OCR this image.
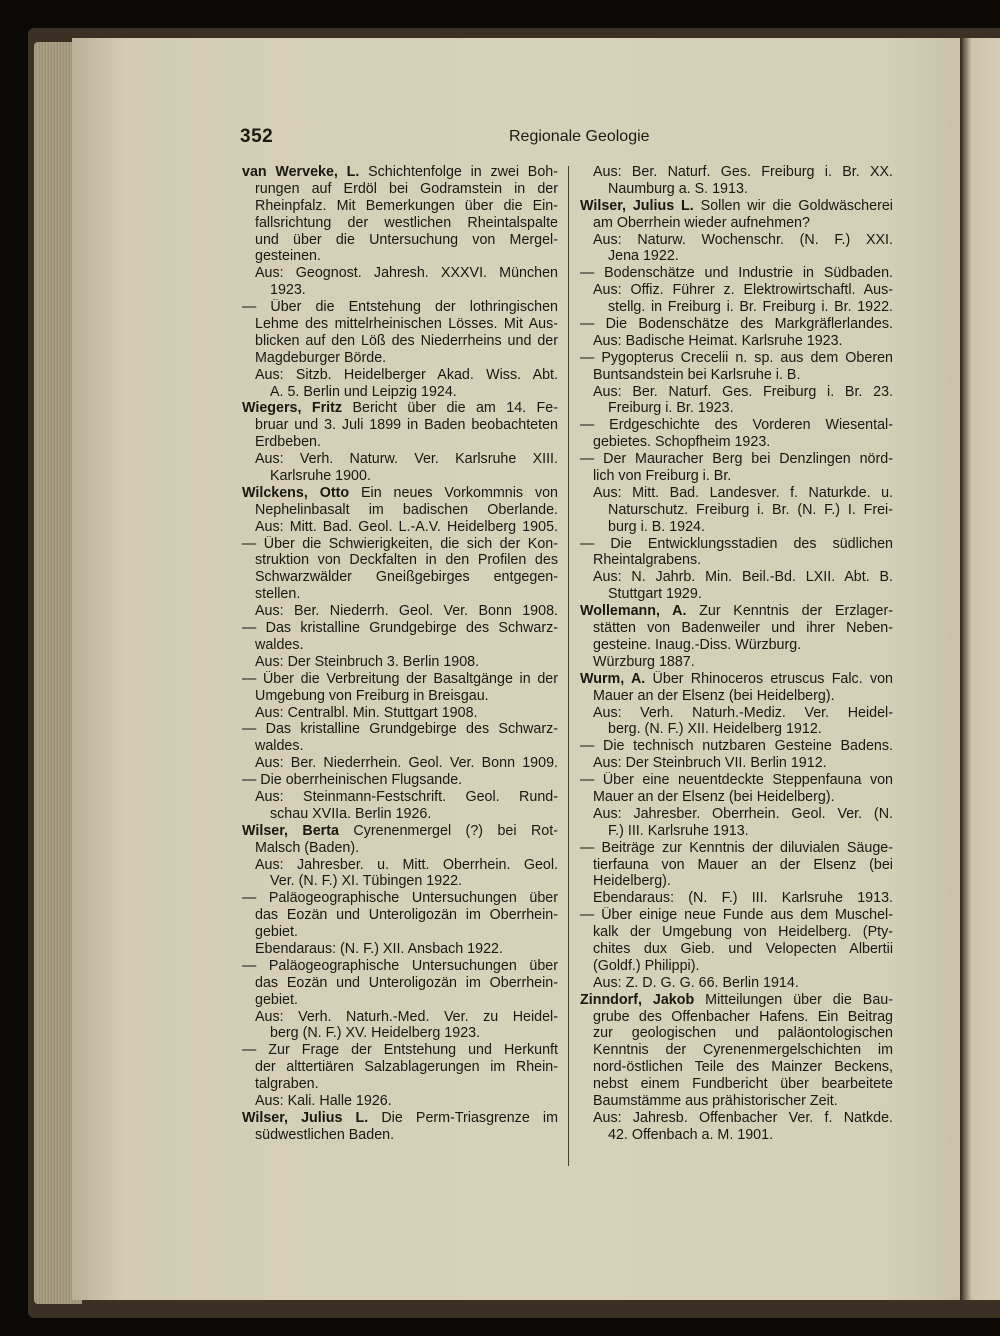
352	Regionale Geologie
van Werveke, L. Schichtenfolge in zwei Boh-
rungen auf Erdöl bei Godramstein in der
Rheinpfalz. Mit Bemerkungen über die Ein-
fallsrichtung der westlichen Rheintalspalte
und über die Untersuchung von Mergel-
gesteinen.
Aus: Geognost. Jahresh. XXXVI. München
1923.
— Über die Entstehung der lothringischen
Lehme des mittelrheinischen Lösses. Mit Aus-
blicken auf den Löß des Niederrheins und der
Magdeburger Börde.
Aus: Sitzb. Heidelberger Akad. Wiss. Abt.
A. 5. Berlin und Leipzig 1924.
Wiegers, Fritz Bericht über die am 14. Fe-
bruar und 3. Juli 1899 in Baden beobachteten
Erdbeben.
Aus: Verh. Naturw. Ver. Karlsruhe XIII.
Karlsruhe 1900.
Wilckens, Otto Ein neues Vorkommnis von
Nephelinbasalt im badischen Oberlande.
Aus: Mitt. Bad. Geol. L.-A.V. Heidelberg 1905.
— Über die Schwierigkeiten, die sich der Kon-
struktion von Deckfalten in den Profilen des
Schwarzwälder Gneißgebirges entgegen-
stellen.
Aus: Ber. Niederrh. Geol. Ver. Bonn 1908.
— Das kristalline Grundgebirge des Schwarz-
waldes.
Aus: Der Steinbruch 3. Berlin 1908.
— Über die Verbreitung der Basaltgänge in der
Umgebung von Freiburg in Breisgau.
Aus: Centralbl. Min. Stuttgart 1908.
— Das kristalline Grundgebirge des Schwarz-
waldes.
Aus: Ber. Niederrhein. Geol. Ver. Bonn 1909.
— Die oberrheinischen Flugsande.
Aus: Steinmann-Festschrift. Geol. Rund-
schau XVIIa. Berlin 1926.
Wilser, Berta Cyrenenmergel (?) bei Rot-
Malsch (Baden).
Aus: Jahresber. u. Mitt. Oberrhein. Geol.
Ver. (N. F.) XI. Tübingen 1922.
— Paläogeographische Untersuchungen über
das Eozän und Unteroligozän im Oberrhein-
gebiet.
Ebendaraus: (N. F.) XII. Ansbach 1922.
— Paläogeographische Untersuchungen über
das Eozän und Unteroligozän im Oberrhein-
gebiet.
Aus: Verh. Naturh.-Med. Ver. zu Heidel-
berg (N. F.) XV. Heidelberg 1923.
— Zur Frage der Entstehung und Herkunft
der alttertiären Salzablagerungen im Rhein-
talgraben.
Aus: Kali. Halle 1926.
Wilser, Julius L. Die Perm-Triasgrenze im
südwestlichen Baden.
Aus: Ber. Naturf. Ges. Freiburg i. Br. XX.
Naumburg a. S. 1913.
Wilser, Julius L. Sollen wir die Goldwäscherei
am Oberrhein wieder aufnehmen?
Aus: Naturw. Wochenschr. (N. F.) XXI.
Jena 1922.
— Bodenschätze und Industrie in Südbaden.
Aus: Offiz. Führer z. Elektrowirtschaftl. Aus-
stellg. in Freiburg i. Br. Freiburg i. Br. 1922.
— Die Bodenschätze des Markgräflerlandes.
Aus: Badische Heimat. Karlsruhe 1923.
— Pygopterus Crecelii n. sp. aus dem Oberen
Buntsandstein bei Karlsruhe i. B.
Aus: Ber. Naturf. Ges. Freiburg i. Br. 23.
Freiburg i. Br. 1923.
— Erdgeschichte des Vorderen Wiesental-
gebietes. Schopfheim 1923.
— Der Mauracher Berg bei Denzlingen nörd-
lich von Freiburg i. Br.
Aus: Mitt. Bad. Landesver. f. Naturkde. u.
Naturschutz. Freiburg i. Br. (N. F.) I. Frei-
burg i. B. 1924.
— Die Entwicklungsstadien des südlichen
Rheintalgrabens.
Aus: N. Jahrb. Min. Beil.-Bd. LXII. Abt. B.
Stuttgart 1929.
Wollemann, A. Zur Kenntnis der Erzlager-
stätten von Badenweiler und ihrer Neben-
gesteine. Inaug.-Diss. Würzburg.
Würzburg 1887.
Wurm, A. Über Rhinoceros etruscus Falc. von
Mauer an der Elsenz (bei Heidelberg).
Aus: Verh. Naturh.-Mediz. Ver. Heidel-
berg. (N. F.) XII. Heidelberg 1912.
— Die technisch nutzbaren Gesteine Badens.
Aus: Der Steinbruch VII. Berlin 1912.
— Über eine neuentdeckte Steppenfauna von
Mauer an der Elsenz (bei Heidelberg).
Aus: Jahresber. Oberrhein. Geol. Ver. (N.
F.) III. Karlsruhe 1913.
— Beiträge zur Kenntnis der diluvialen Säuge-
tierfauna von Mauer an der Elsenz (bei
Heidelberg).
Ebendaraus: (N. F.) III. Karlsruhe 1913.
— Über einige neue Funde aus dem Muschel-
kalk der Umgebung von Heidelberg. (Pty-
chites dux Gieb. und Velopecten Albertii
(Goldf.) Philippi).
Aus: Z. D. G. G. 66. Berlin 1914.
Zinndorf, Jakob Mitteilungen über die Bau-
grube des Offenbacher Hafens. Ein Beitrag
zur geologischen und paläontologischen
Kenntnis der Cyrenenmergelschichten im
nord-östlichen Teile des Mainzer Beckens,
nebst einem Fundbericht über bearbeitete
Baumstämme aus prähistorischer Zeit.
Aus: Jahresb. Offenbacher Ver. f. Natkde.
42. Offenbach a. M. 1901.
